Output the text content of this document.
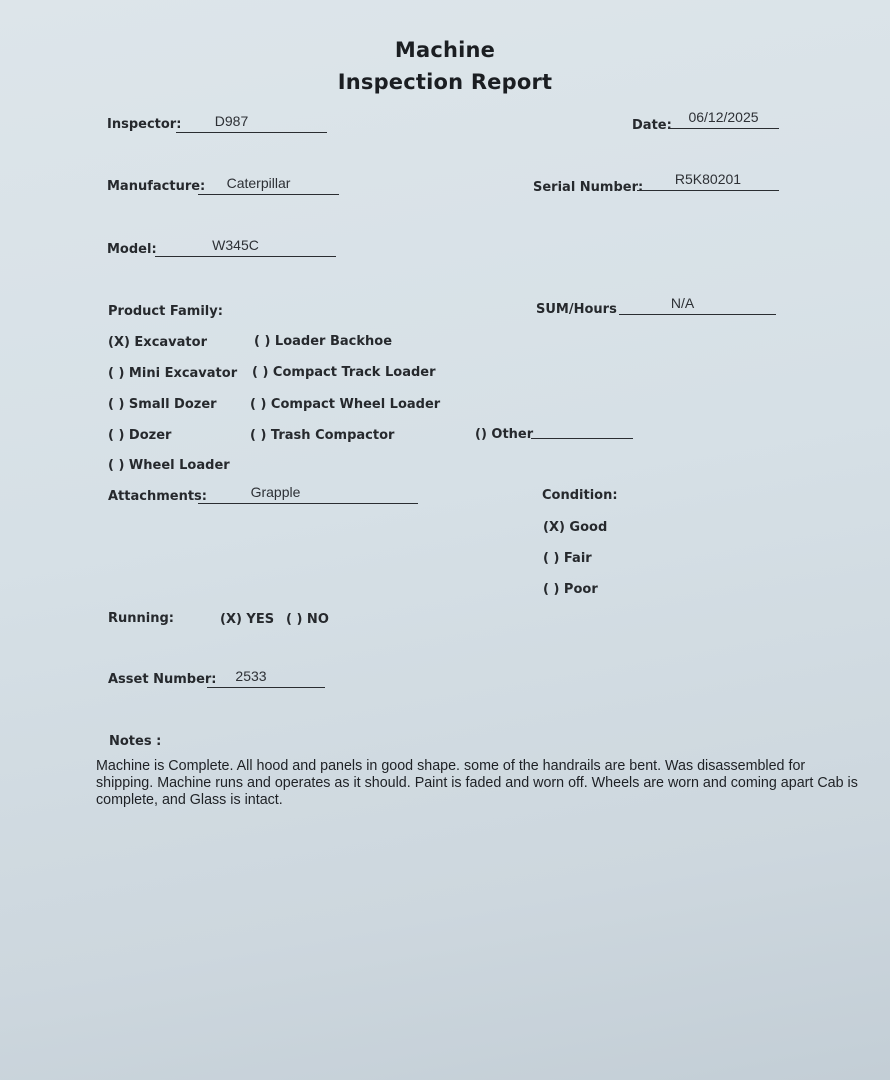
Machine
Inspection Report
Inspector:	D987	Date:
06/12/2025
Manufacture:	Caterpillar	Serial Number:
R5K80201
Model:	W345C
Product Family:	SUM/Hours	N/A
(X) Excavator	( ) Loader Backhoe
( ) Mini Excavator ( ) Compact Track Loader
( ) Small Dozer	( ) Compact Wheel Loader
( ) Dozer	( ) Trash Compactor	() Other
( ) Wheel Loader
Attachments:	Grapple	Condition:
(X) Good
( ) Fair
( ) Poor
Running:	(X) YES ( ) NO
Asset Number:	2533
Notes :
Machine is Complete. All hood and panels in good shape. some of the handrails are bent. Was disassembled for shipping. Machine runs and operates as it should. Paint is faded and worn off. Wheels are worn and coming apart Cab is complete, and Glass is intact.
